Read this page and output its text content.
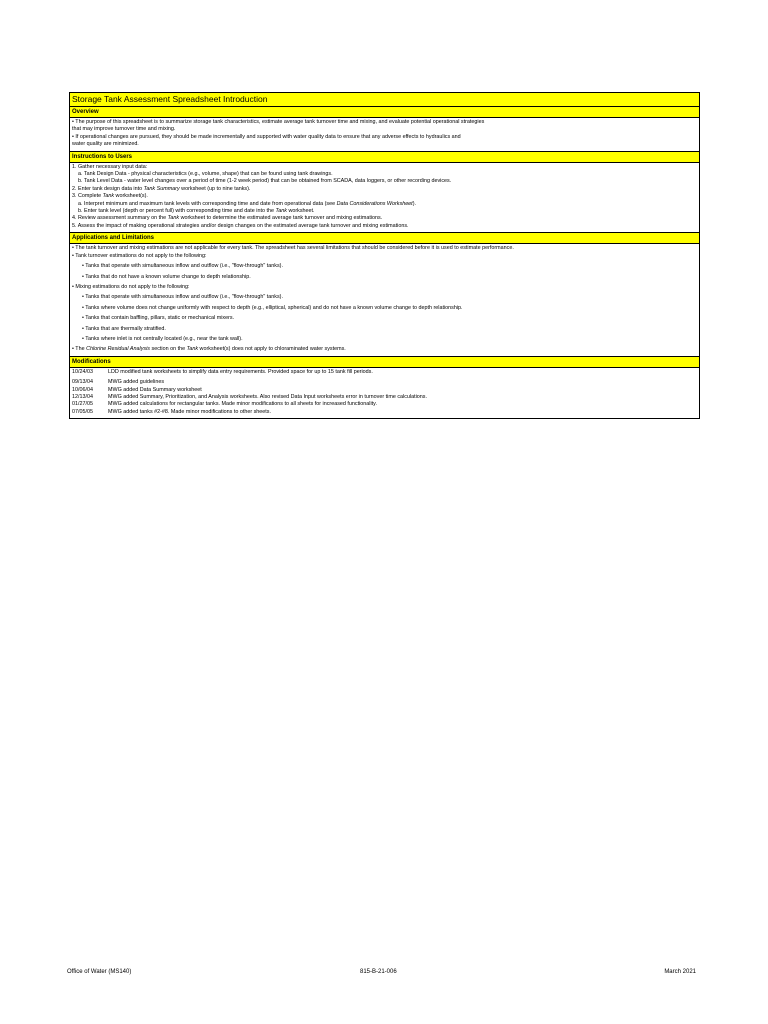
Storage Tank Assessment Spreadsheet Introduction
Overview
• The purpose of this spreadsheet is to summarize storage tank characteristics, estimate average tank turnover time and mixing, and evaluate potential operational strategies
that may improve turnover time and mixing.
• If operational changes are pursued, they should be made incrementally and supported with water quality data to ensure that any adverse effects to hydraulics and
water quality are minimized.
Instructions to Users
1. Gather necessary input data:
a. Tank Design Data - physical characteristics (e.g., volume, shape) that can be found using tank drawings.
b. Tank Level Data - water level changes over a period of time (1-2 week period) that can be obtained from SCADA, data loggers, or other recording devices.
2. Enter tank design data into Tank Summary worksheet (up to nine tanks).
3. Complete Tank worksheet(s).
a. Interpret minimum and maximum tank levels with corresponding time and date from operational data (see Data Considerations Worksheet).
b. Enter tank level (depth or percent full) with corresponding time and date into the Tank worksheet.
4. Review assessment summary on the Tank worksheet to determine the estimated average tank turnover and mixing estimations.
5. Assess the impact of making operational strategies and/or design changes on the estimated average tank turnover and mixing estimations.
Applications and Limitations
• The tank turnover and mixing estimations are not applicable for every tank. The spreadsheet has several limitations that should be considered before it is used to estimate performance.
• Tank turnover estimations do not apply to the following:
• Tanks that operate with simultaneous inflow and outflow (i.e., "flow-through" tanks).
• Tanks that do not have a known volume change to depth relationship.
• Mixing estimations do not apply to the following:
• Tanks that operate with simultaneous inflow and outflow (i.e., "flow-through" tanks).
• Tanks where volume does not change uniformly with respect to depth (e.g., elliptical, spherical) and do not have a known volume change to depth relationship.
• Tanks that contain baffling, pillars, static or mechanical mixers.
• Tanks that are thermally stratified.
• Tanks where inlet is not centrally located (e.g., near the tank wall).
• The Chlorine Residual Analysis section on the Tank worksheet(s) does not apply to chloraminated water systems.
Modifications
10/24/03	LDD modified tank worksheets to simplify data entry requirements. Provided space for up to 15 tank fill periods.
09/13/04	MWG added guidelines
10/06/04	MWG added Data Summary worksheet
12/13/04	MWG added Summary, Prioritization, and Analysis worksheets. Also revised Data Input worksheets error in turnover time calculations.
01/27/05	MWG added calculations for rectangular tanks. Made minor modifications to all sheets for increased functionality.
07/05/05	MWG added tanks #2-#8. Made minor modifications to other sheets.
Office of Water (MS140)	815-B-21-006	March 2021
